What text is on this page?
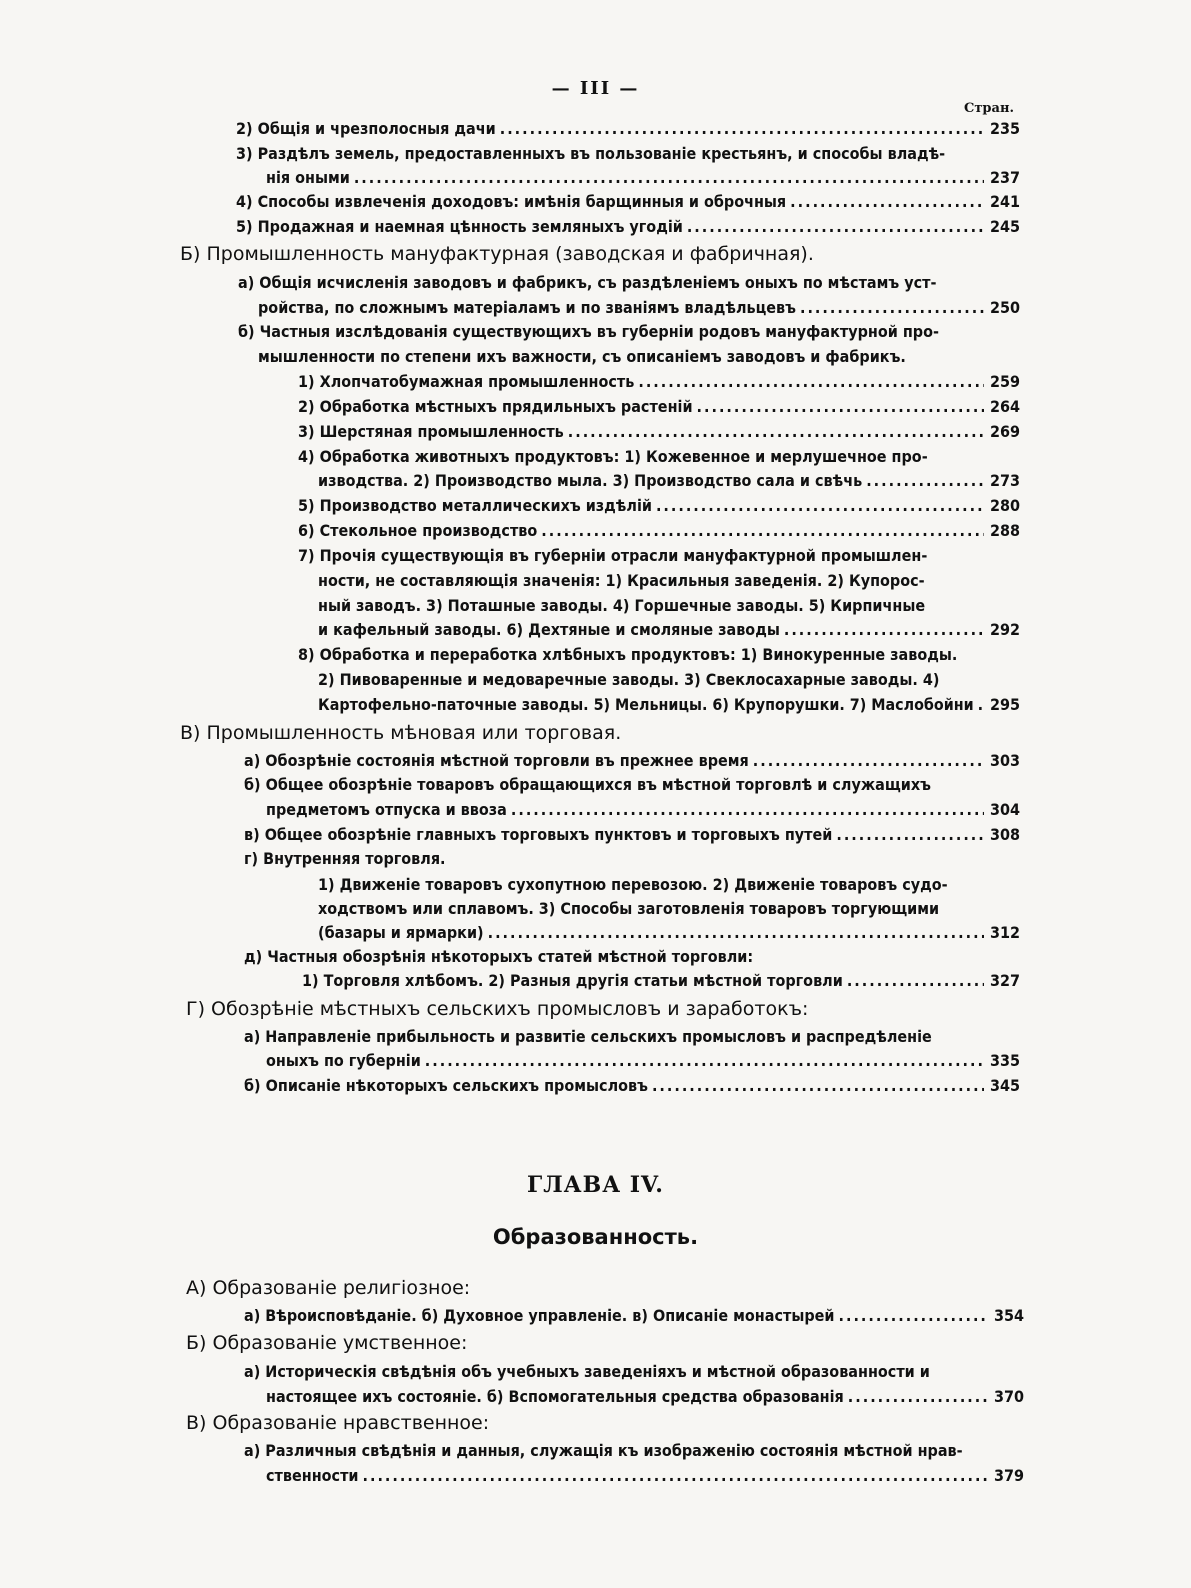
— III —
Стран.
2) Общія и чрезполосныя дачи .....	235
3) Раздѣлъ земель, предоставленныхъ въ пользованіе крестьянъ, и способы владѣ-
нія оными .....	237
4) Способы извлеченія доходовъ: имѣнія барщинныя и оброчныя .....	241
5) Продажная и наемная цѣнность земляныхъ угодій .....	245
Б) Промышленность мануфактурная (заводская и фабричная).
а) Общія исчисленія заводовъ и фабрикъ, съ раздѣленіемъ оныхъ по мѣстамъ уст-
ройства, по сложнымъ матеріаламъ и по званіямъ владѣльцевъ .....	250
б) Частныя изслѣдованія существующихъ въ губерніи родовъ мануфактурной про-
мышленности по степени ихъ важности, съ описаніемъ заводовъ и фабрикъ.
1) Хлопчатобумажная промышленность .....	259
2) Обработка мѣстныхъ прядильныхъ растеній .....	264
3) Шерстяная промышленность .....	269
4) Обработка животныхъ продуктовъ: 1) Кожевенное и мерлушечное про-
изводства. 2) Производство мыла. 3) Производство сала и свѣчь .....	273
5) Производство металлическихъ издѣлій .....	280
6) Стекольное производство .....	288
7) Прочія существующія въ губерніи отрасли мануфактурной промышлен-
ности, не составляющія значенія: 1) Красильныя заведенія. 2) Купорос-
ный заводъ. 3) Поташные заводы. 4) Горшечные заводы. 5) Кирпичные
и кафельный заводы. 6) Дехтяные и смоляные заводы .....	292
8) Обработка и переработка хлѣбныхъ продуктовъ: 1) Винокуренные заводы.
2) Пивоваренные и медоваречные заводы. 3) Свеклосахарные заводы. 4)
Картофельно-паточные заводы. 5) Мельницы. 6) Крупорушки. 7) Маслобойни ..... 295
В) Промышленность мѣновая или торговая.
а) Обозрѣніе состоянія мѣстной торговли въ прежнее время .....	303
б) Общее обозрѣніе товаровъ обращающихся въ мѣстной торговлѣ и служащихъ
предметомъ отпуска и ввоза .....	304
в) Общее обозрѣніе главныхъ торговыхъ пунктовъ и торговыхъ путей .....	308
г) Внутренняя торговля.
1) Движеніе товаровъ сухопутною перевозою. 2) Движеніе товаровъ судо-
ходствомъ или сплавомъ. 3) Способы заготовленія товаровъ торгующими
(базары и ярмарки) .....	312
д) Частныя обозрѣнія нѣкоторыхъ статей мѣстной торговли:
1) Торговля хлѣбомъ. 2) Разныя другія статьи мѣстной торговли .....	327
Г) Обозрѣніе мѣстныхъ сельскихъ промысловъ и заработокъ:
а) Направленіе прибыльность и развитіе сельскихъ промысловъ и распредѣленіе
оныхъ по губерніи .....	335
б) Описаніе нѣкоторыхъ сельскихъ промысловъ .....	345
ГЛАВА IV.
Образованность.
А) Образованіе религіозное:
а) Вѣроисповѣданіе. б) Духовное управленіе. в) Описаніе монастырей .....	354
Б) Образованіе умственное:
а) Историческія свѣдѣнія объ учебныхъ заведеніяхъ и мѣстной образованности и
настоящее ихъ состояніе. б) Вспомогательныя средства образованія .....	370
В) Образованіе нравственное:
а) Различныя свѣдѣнія и данныя, служащія къ изображенію состоянія мѣстной нрав-
ственности .....	379
